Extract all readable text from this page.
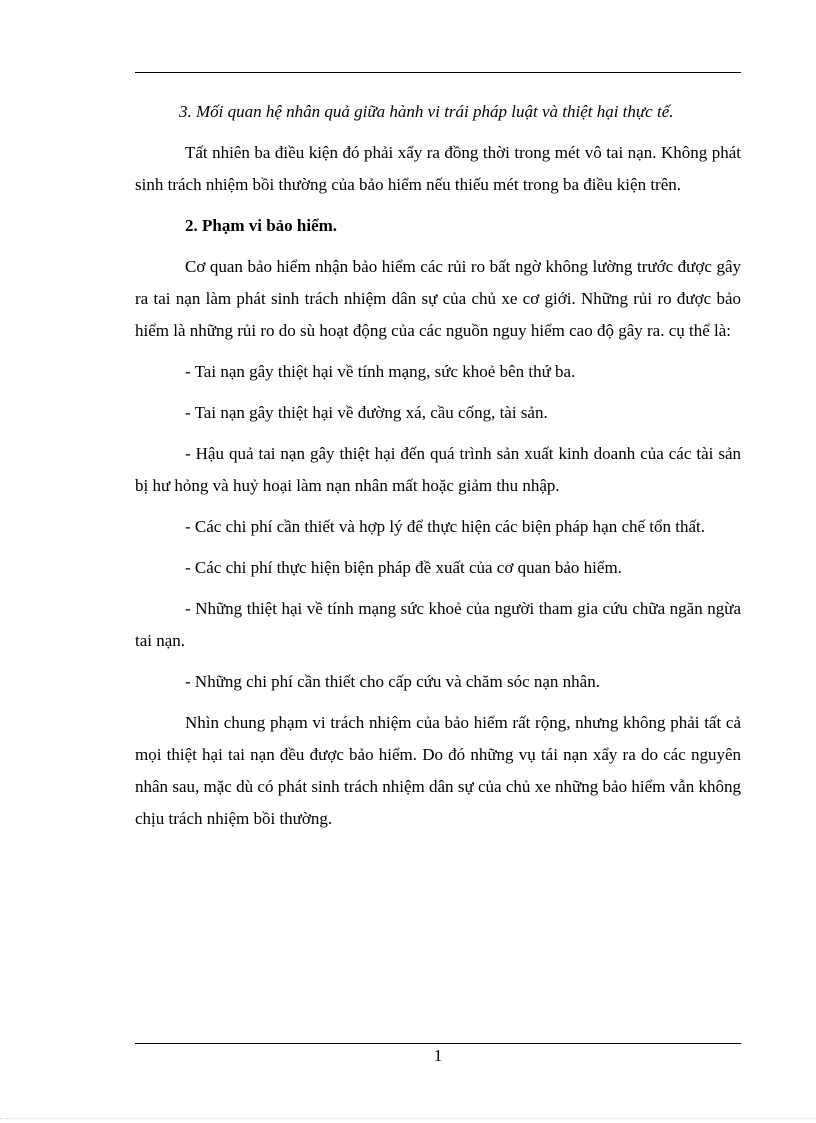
3. Mối quan hệ nhân quả giữa hành vi trái pháp luật và thiệt hại thực tế.

Tất nhiên ba điều kiện đó phải xẩy ra đồng thời trong mét vô tai nạn. Không phát sinh trách nhiệm bồi thường của bảo hiểm nếu thiếu mét trong ba điều kiện trên.

2. Phạm vi bảo hiểm.

Cơ quan bảo hiểm nhận bảo hiểm các rủi ro bất ngờ không lường trước được gây ra tai nạn làm phát sinh trách nhiệm dân sự của chủ xe cơ giới. Những rủi ro được bảo hiểm là những rủi ro do sù hoạt động của các nguồn nguy hiểm cao độ gây ra. cụ thể là:

- Tai nạn gây thiệt hại về tính mạng, sức khoẻ bên thứ ba.

- Tai nạn gây thiệt hại về đường xá, cầu cống, tài sản.

- Hậu quả tai nạn gây thiệt hại đến quá trình sản xuất kinh doanh của các tài sản bị hư hỏng và huỷ hoại làm nạn nhân mất hoặc giảm thu nhập.

- Các chi phí cần thiết và hợp lý để thực hiện các biện pháp hạn chế tổn thất.

- Các chi phí thực hiện biện pháp đề xuất của cơ quan bảo hiểm.

- Những thiệt hại về tính mạng sức khoẻ của người tham gia cứu chữa ngăn ngừa tai nạn.

- Những chi phí cần thiết cho cấp cứu và chăm sóc nạn nhân.

Nhìn chung phạm vi trách nhiệm của bảo hiểm rất rộng, nhưng không phải tất cả mọi thiệt hại tai nạn đều được bảo hiểm. Do đó những vụ tái nạn xẩy ra do các nguyên nhân sau, mặc dù có phát sinh trách nhiệm dân sự của chủ xe những bảo hiểm vẫn không chịu trách nhiệm bồi thường.

1
